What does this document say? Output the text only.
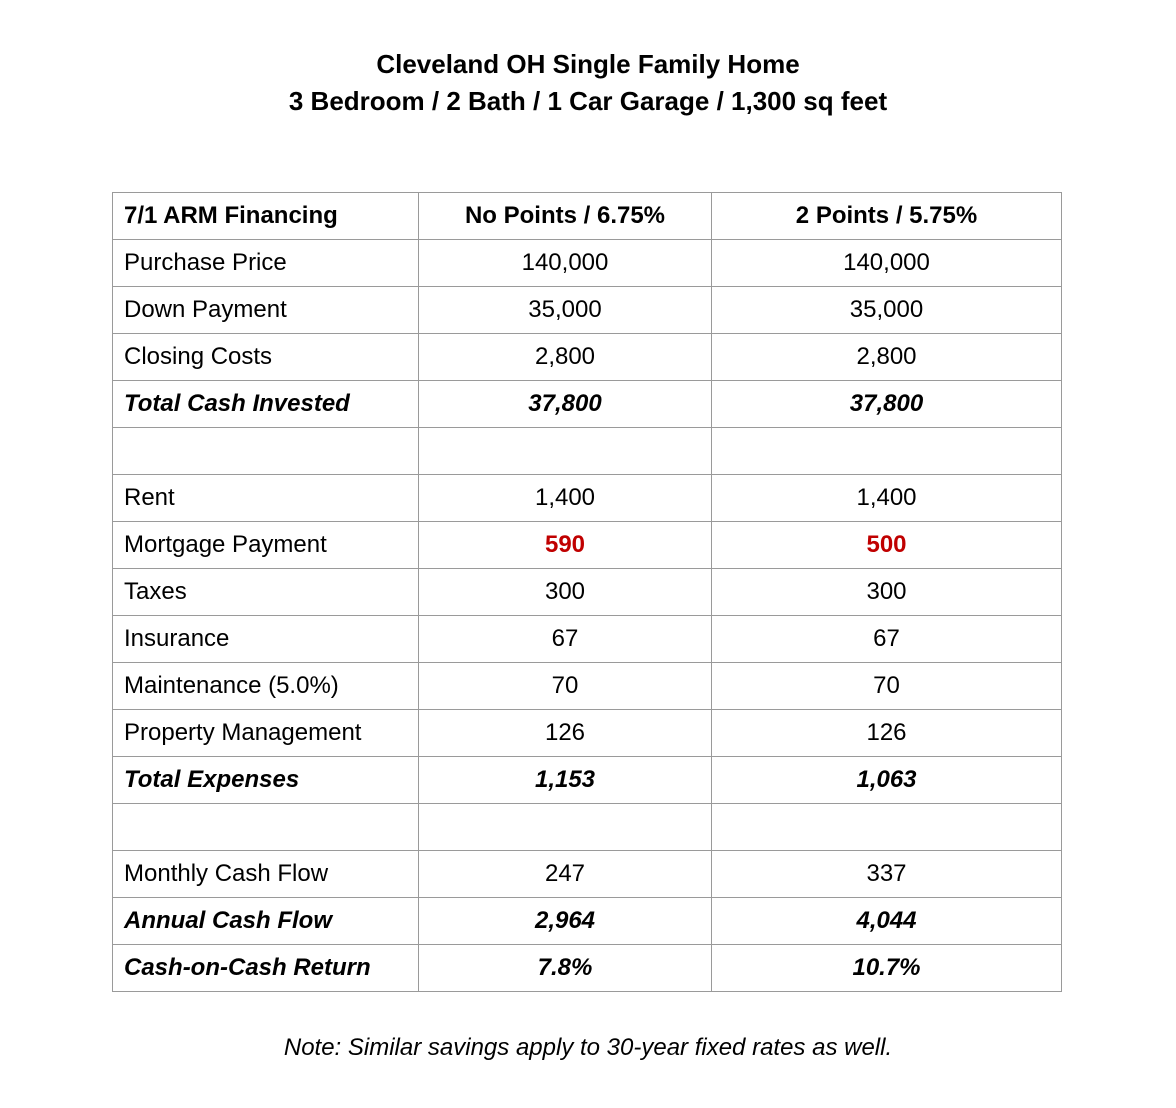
Cleveland OH Single Family Home
3 Bedroom / 2 Bath / 1 Car Garage / 1,300 sq feet
7/1 ARM Financing	No Points / 6.75%	2 Points / 5.75%
Purchase Price	140,000	140,000
Down Payment	35,000	35,000
Closing Costs	2,800	2,800
Total Cash Invested	37,800	37,800

Rent	1,400	1,400
Mortgage Payment	590	500
Taxes	300	300
Insurance	67	67
Maintenance (5.0%)	70	70
Property Management	126	126
Total Expenses	1,153	1,063

Monthly Cash Flow	247	337
Annual Cash Flow	2,964	4,044
Cash-on-Cash Return	7.8%	10.7%
Note: Similar savings apply to 30-year fixed rates as well.
